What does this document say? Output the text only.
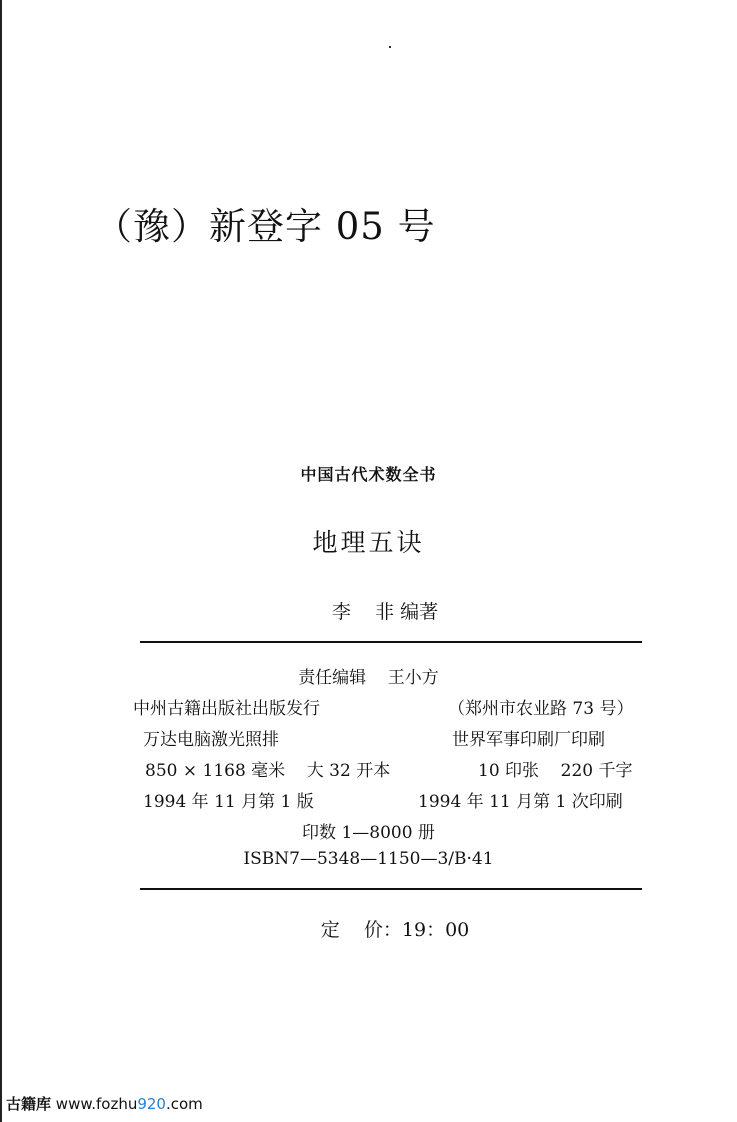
（豫）新登字 05 号
中国古代术数全书
地理五诀
李    非 编著
责任编辑    王小方
中州古籍出版社出版发行	（郑州市农业路 73 号）
万达电脑激光照排	世界军事印刷厂印刷
850 × 1168 毫米    大 32 开本	10 印张    220 千字
1994 年 11 月第 1 版	1994 年 11 月第 1 次印刷
印数 1—8000 册
ISBN7—5348—1150—3/B·41
定    价：19：00
古籍库 www.fozhu920.com
